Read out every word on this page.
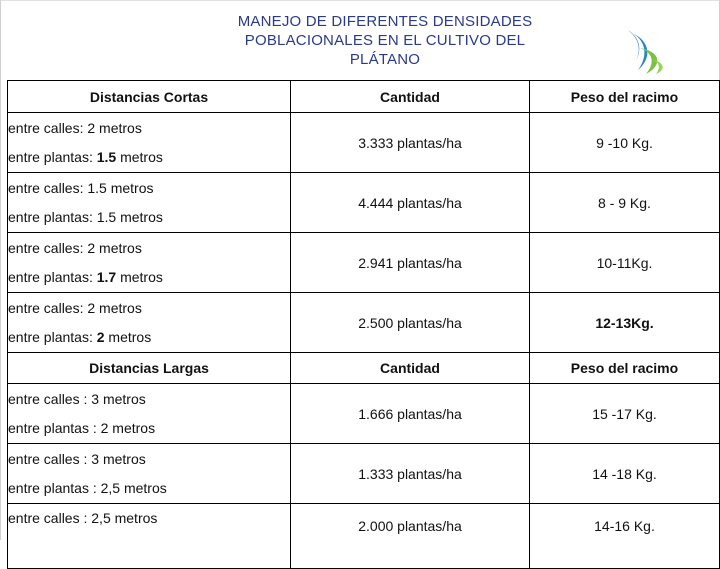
MANEJO DE DIFERENTES DENSIDADES
POBLACIONALES EN EL CULTIVO DEL
PLÁTANO
Distancias Cortas	Cantidad	Peso del racimo

entre calles: 2 metros
entre plantas: 1.5 metros	3.333 plantas/ha	9 -10 Kg.

entre calles: 1.5 metros
entre plantas: 1.5 metros	4.444 plantas/ha	8 - 9 Kg.

entre calles: 2 metros
entre plantas: 1.7 metros	2.941 plantas/ha	10-11Kg.

entre calles: 2 metros
entre plantas: 2 metros	2.500 plantas/ha	12-13Kg.
Distancias Largas	Cantidad	Peso del racimo

entre calles : 3 metros
entre plantas : 2 metros	1.666 plantas/ha	15 -17 Kg.

entre calles : 3 metros
entre plantas : 2,5 metros	1.333 plantas/ha	14 -18 Kg.

entre calles : 2,5 metros	2.000 plantas/ha	14-16 Kg.
